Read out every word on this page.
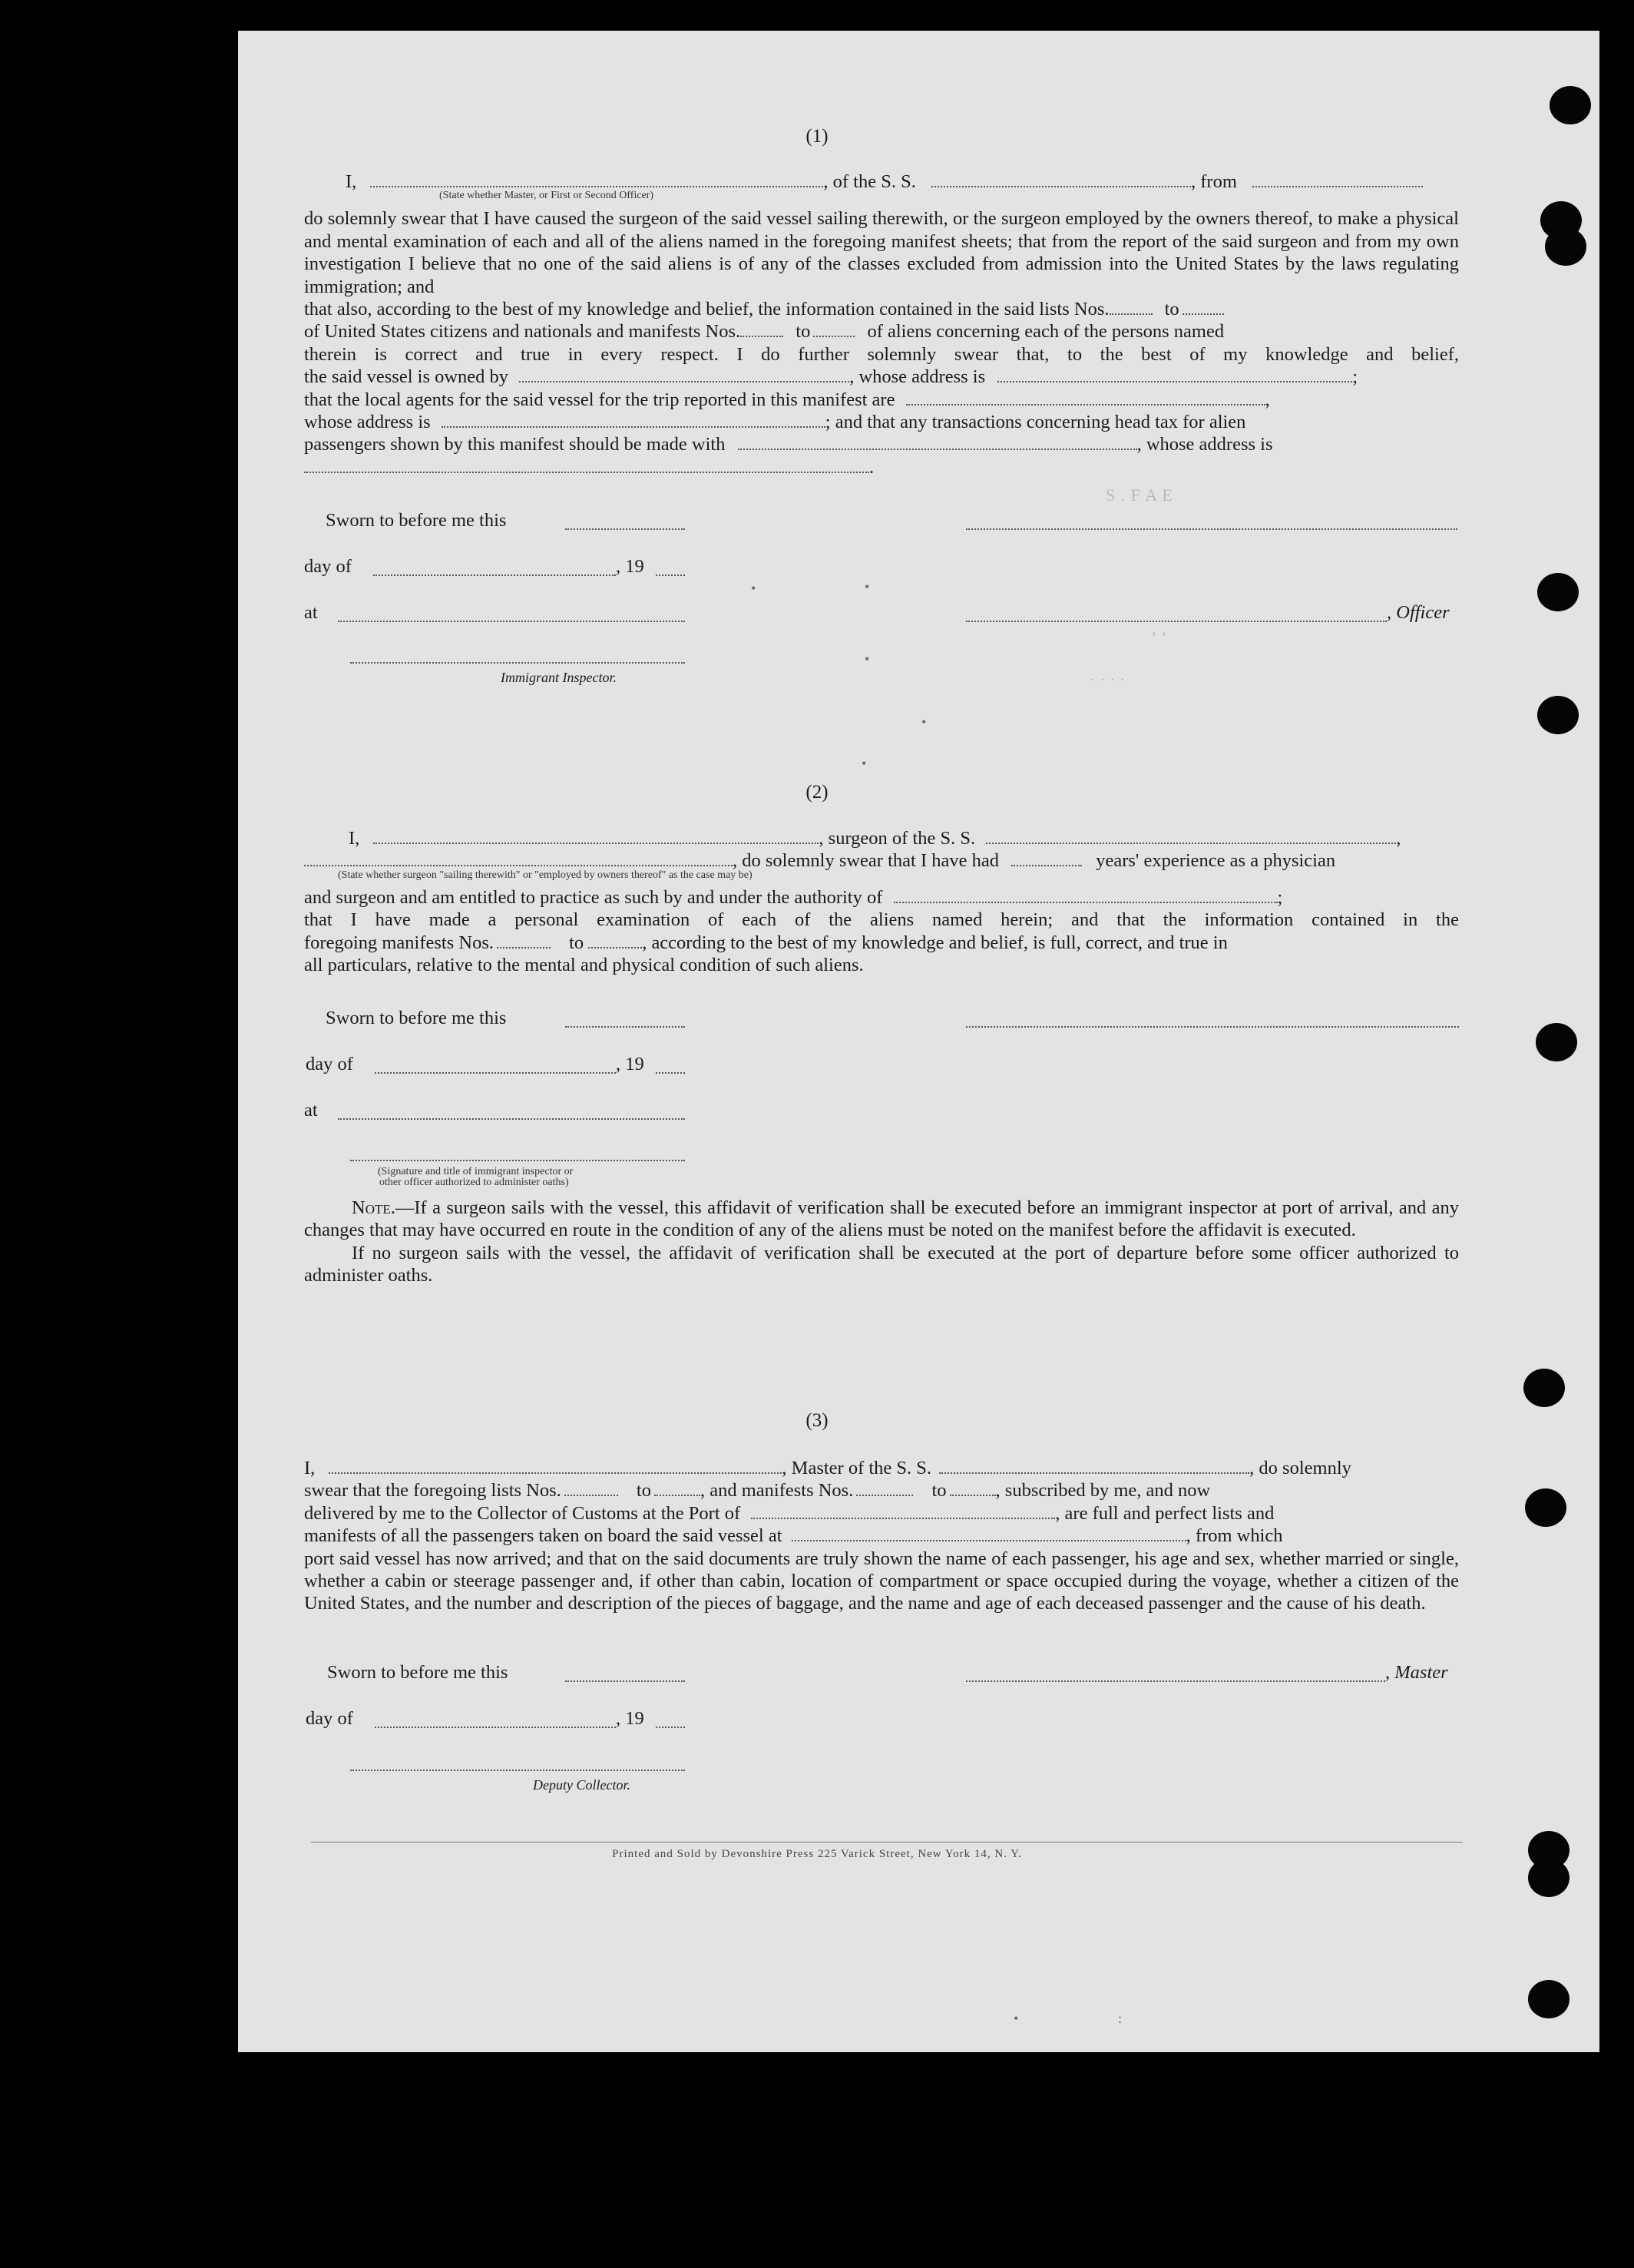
(1)
I,	, of the S. S.	, from
(State whether Master, or First or Second Officer)

do solemnly swear that I have caused the surgeon of the said vessel sailing therewith, or the surgeon employed by the owners thereof, to make a physical and mental examination of each and all of the aliens named in the foregoing manifest sheets; that from the report of the said surgeon and from my own investigation I believe that no one of the said aliens is of any of the classes excluded from admission into the United States by the laws regulating immigration; and

that also, according to the best of my knowledge and belief, the information contained in the said lists Nos.	to
of United States citizens and nationals and manifests Nos.	to	of aliens concerning each of the persons named

therein is correct and true in every respect. I do further solemnly swear that, to the best of my knowledge and belief,

the said vessel is owned by	, whose address is	;
that the local agents for the said vessel for the trip reported in this manifest are	,
whose address is	; and that any transactions concerning head tax for alien
passengers shown by this manifest should be made with	, whose address is
.
Sworn to before me this
day of	, 19
at	, Officer
Immigrant Inspector.
S . F A E
, ,
. . . .
•	•
•
•
•
(2)
I,	, surgeon of the S. S.	,
, do solemnly swear that I have had	years' experience as a physician
(State whether surgeon "sailing therewith" or "employed by owners thereof" as the case may be)
and surgeon and am entitled to practice as such by and under the authority of	;

that I have made a personal examination of each of the aliens named herein; and that the information contained in the

foregoing manifests Nos.	to	, according to the best of my knowledge and belief, is full, correct, and true in

all particulars, relative to the mental and physical condition of such aliens.

Sworn to before me this
day of	, 19
at
(Signature and title of immigrant inspector or
other officer authorized to administer oaths)

Note.—If a surgeon sails with the vessel, this affidavit of verification shall be executed before an immigrant inspector at port of arrival, and any changes that may have occurred en route in the condition of any of the aliens must be noted on the manifest before the affidavit is executed.

If no surgeon sails with the vessel, the affidavit of verification shall be executed at the port of departure before some officer authorized to administer oaths.

(3)
I,	, Master of the S. S.	, do solemnly
swear that the foregoing lists Nos.	to	, and manifests Nos.	to	, subscribed by me, and now
delivered by me to the Collector of Customs at the Port of	, are full and perfect lists and
manifests of all the passengers taken on board the said vessel at	, from which

port said vessel has now arrived; and that on the said documents are truly shown the name of each passenger, his age and sex, whether married or single, whether a cabin or steerage passenger and, if other than cabin, location of compartment or space occupied during the voyage, whether a citizen of the United States, and the number and description of the pieces of baggage, and the name and age of each deceased passenger and the cause of his death.

Sworn to before me this	, Master
day of	, 19
Deputy Collector.
Printed and Sold by Devonshire Press 225 Varick Street, New York 14, N. Y.
•	:
